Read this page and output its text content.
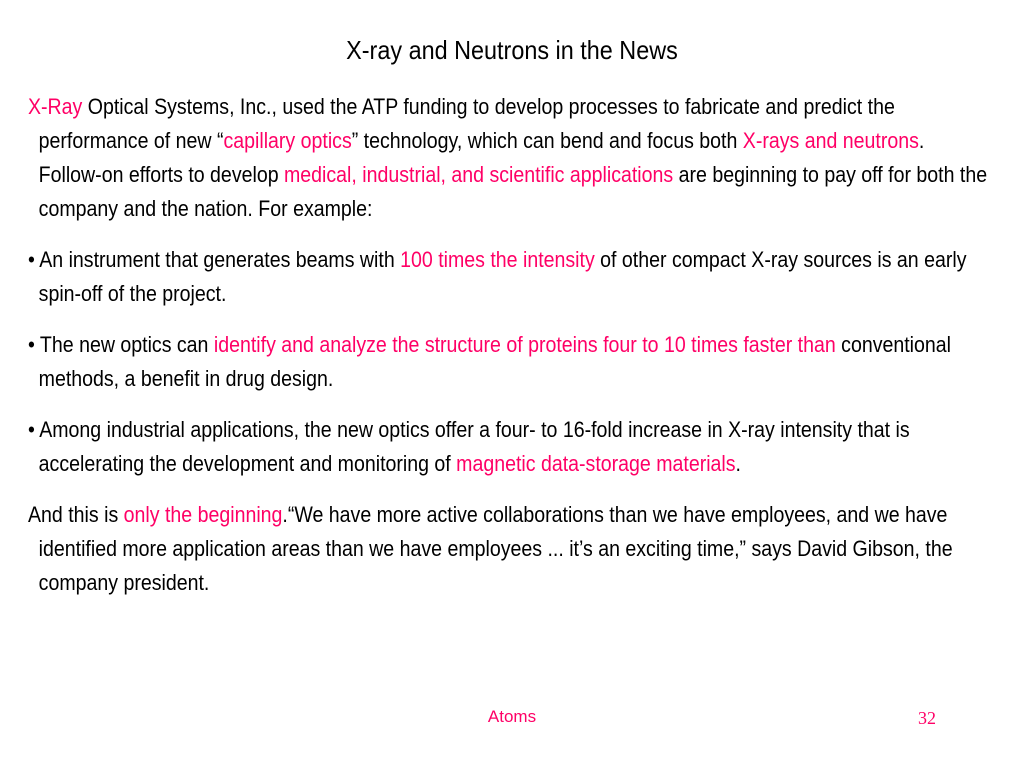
X-ray and Neutrons in the News

X-Ray Optical Systems, Inc., used the ATP funding to develop processes to fabricate and predict the performance of new “capillary optics” technology, which can bend and focus both X-rays and neutrons. Follow-on efforts to develop medical, industrial, and scientific applications are beginning to pay off for both the company and the nation. For example:

• An instrument that generates beams with 100 times the intensity of other compact X-ray sources is an early spin-off of the project.

• The new optics can identify and analyze the structure of proteins four to 10 times faster than conventional methods, a benefit in drug design.

• Among industrial applications, the new optics offer a four- to 16-fold increase in X-ray intensity that is accelerating the development and monitoring of magnetic data-storage materials.

And this is only the beginning.“We have more active collaborations than we have employees, and we have identified more application areas than we have employees ... it’s an exciting time,” says David Gibson, the company president.

Atoms	32
